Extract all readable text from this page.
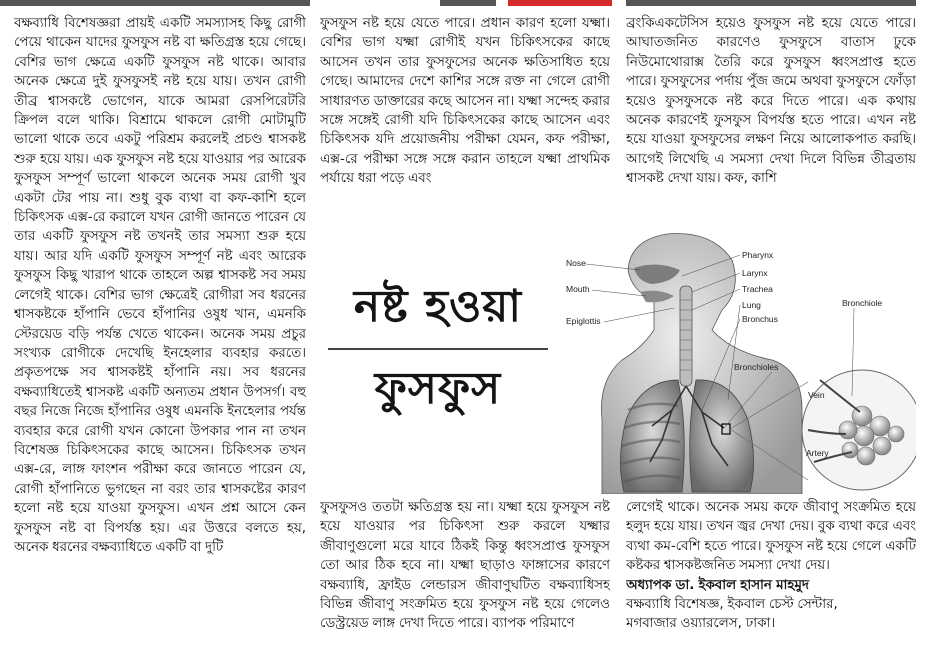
বক্ষব্যাধি বিশেষজ্ঞরা প্রায়ই একটি সমস্যাসহ কিছু রোগী পেয়ে থাকেন যাদের ফুসফুস নষ্ট বা ক্ষতিগ্রস্ত হয়ে গেছে। বেশির ভাগ ক্ষেত্রে একটি ফুসফুস নষ্ট থাকে। আবার অনেক ক্ষেত্রে দুই ফুসফুসই নষ্ট হয়ে যায়। তখন রোগী তীব্র শ্বাসকষ্টে ভোগেন, যাকে আমরা রেসপিরেটরি ক্রিপল বলে থাকি। বিশ্রামে থাকলে রোগী মোটামুটি ভালো থাকে তবে একটু পরিশ্রম করলেই প্রচণ্ড শ্বাসকষ্ট শুরু হয়ে যায়। এক ফুসফুস নষ্ট হয়ে যাওয়ার পর আরেক ফুসফুস সম্পূর্ণ ভালো থাকলে অনেক সময় রোগী খুব একটা টের পায় না। শুধু বুক ব্যথা বা কফ-কাশি হলে চিকিৎসক এক্স-রে করালে যখন রোগী জানতে পারেন যে তার একটি ফুসফুস নষ্ট তখনই তার সমস্যা শুরু হয়ে যায়। আর যদি একটি ফুসফুস সম্পূর্ণ নষ্ট এবং আরেক ফুসফুস কিছু খারাপ থাকে তাহলে অল্প শ্বাসকষ্ট সব সময় লেগেই থাকে। বেশির ভাগ ক্ষেত্রেই রোগীরা সব ধরনের শ্বাসকষ্টকে হাঁপানি ভেবে হাঁপানির ওষুধ খান, এমনকি স্টেরয়েড বড়ি পর্যন্ত খেতে থাকেন। অনেক সময় প্রচুর সংখ্যক রোগীকে দেখেছি ইনহেলার ব্যবহার করতে। প্রকৃতপক্ষে সব শ্বাসকষ্টই হাঁপানি নয়। সব ধরনের বক্ষব্যাধিতেই শ্বাসকষ্ট একটি অন্যতম প্রধান উপসর্গ। বহু বছর নিজে নিজে হাঁপানির ওষুধ এমনকি ইনহেলার পর্যন্ত ব্যবহার করে রোগী যখন কোনো উপকার পান না তখন বিশেষজ্ঞ চিকিৎসকের কাছে আসেন। চিকিৎসক তখন এক্স-রে, লাঙ্গ ফাংশন পরীক্ষা করে জানতে পারেন যে, রোগী হাঁপানিতে ভুগছেন না বরং তার শ্বাসকষ্টের কারণ হলো নষ্ট হয়ে যাওয়া ফুসফুস। এখন প্রশ্ন আসে কেন ফুসফুস নষ্ট বা বিপর্যস্ত হয়। এর উত্তরে বলতে হয়, অনেক ধরনের বক্ষব্যাধিতে একটি বা দুটি

ফুসফুস নষ্ট হয়ে যেতে পারে। প্রধান কারণ হলো যক্ষ্মা। বেশির ভাগ যক্ষ্মা রোগীই যখন চিকিৎসকের কাছে আসেন তখন তার ফুসফুসের অনেক ক্ষতিসাধিত হয়ে গেছে। আমাদের দেশে কাশির সঙ্গে রক্ত না গেলে রোগী সাধারণত ডাক্তারের কছে আসেন না। যক্ষ্মা সন্দেহ করার সঙ্গে সঙ্গেই রোগী যদি চিকিৎসকের কাছে আসেন এবং চিকিৎসক যদি প্রয়োজনীয় পরীক্ষা যেমন, কফ পরীক্ষা, এক্স-রে পরীক্ষা সঙ্গে সঙ্গে করান তাহলে যক্ষ্মা প্রাথমিক পর্যায়ে ধরা পড়ে এবং

ব্রংকিএকটেসিস হয়েও ফুসফুস নষ্ট হয়ে যেতে পারে। আঘাতজনিত কারণেও ফুসফুসে বাতাস ঢুকে নিউমোথোরাক্স তৈরি করে ফুসফুস ধ্বংসপ্রাপ্ত হতে পারে। ফুসফুসের পর্দায় পুঁজ জমে অথবা ফুসফুসে ফোঁড়া হয়েও ফুসফুসকে নষ্ট করে দিতে পারে। এক কথায় অনেক কারণেই ফুসফুস বিপর্যস্ত হতে পারে। এখন নষ্ট হয়ে যাওয়া ফুসফুসের লক্ষণ নিয়ে আলোকপাত করছি। আগেই লিখেছি এ সমস্যা দেখা দিলে বিভিন্ন তীব্রতায় শ্বাসকষ্ট দেখা যায়। কফ, কাশি

নষ্ট হওয়া
ফুসফুস
Nose
Mouth
Epiglottis
Pharynx
Larynx
Trachea
Lung
Bronchus
Bronchioles
Bronchiole
Vein
Artery

ফুসফুসও ততটা ক্ষতিগ্রস্ত হয় না। যক্ষ্মা হয়ে ফুসফুস নষ্ট হয়ে যাওয়ার পর চিকিৎসা শুরু করলে যক্ষ্মার জীবাণুগুলো মরে যাবে ঠিকই কিন্তু ধ্বংসপ্রাপ্ত ফুসফুস তো আর ঠিক হবে না। যক্ষ্মা ছাড়াও ফাঙ্গাসের কারণে বক্ষব্যাধি, ফ্রাইড লেন্ডারস জীবাণুঘটিত বক্ষব্যাধিসহ বিভিন্ন জীবাণু সংক্রমিত হয়ে ফুসফুস নষ্ট হয়ে গেলেও ডেস্ট্রয়েড লাঙ্গ দেখা দিতে পারে। ব্যাপক পরিমাণে

লেগেই থাকে। অনেক সময় কফে জীবাণু সংক্রমিত হয়ে হলুদ হয়ে যায়। তখন জ্বর দেখা দেয়। বুক ব্যথা করে এবং ব্যথা কম-বেশি হতে পারে। ফুসফুস নষ্ট হয়ে গেলে একটি কষ্টকর শ্বাসকষ্টজনিত সমস্যা দেখা দেয়।

অধ্যাপক ডা. ইকবাল হাসান মাহমুদ

বক্ষব্যাধি বিশেষজ্ঞ, ইকবাল চেস্ট সেন্টার,

মগবাজার ওয়্যারলেস, ঢাকা।
